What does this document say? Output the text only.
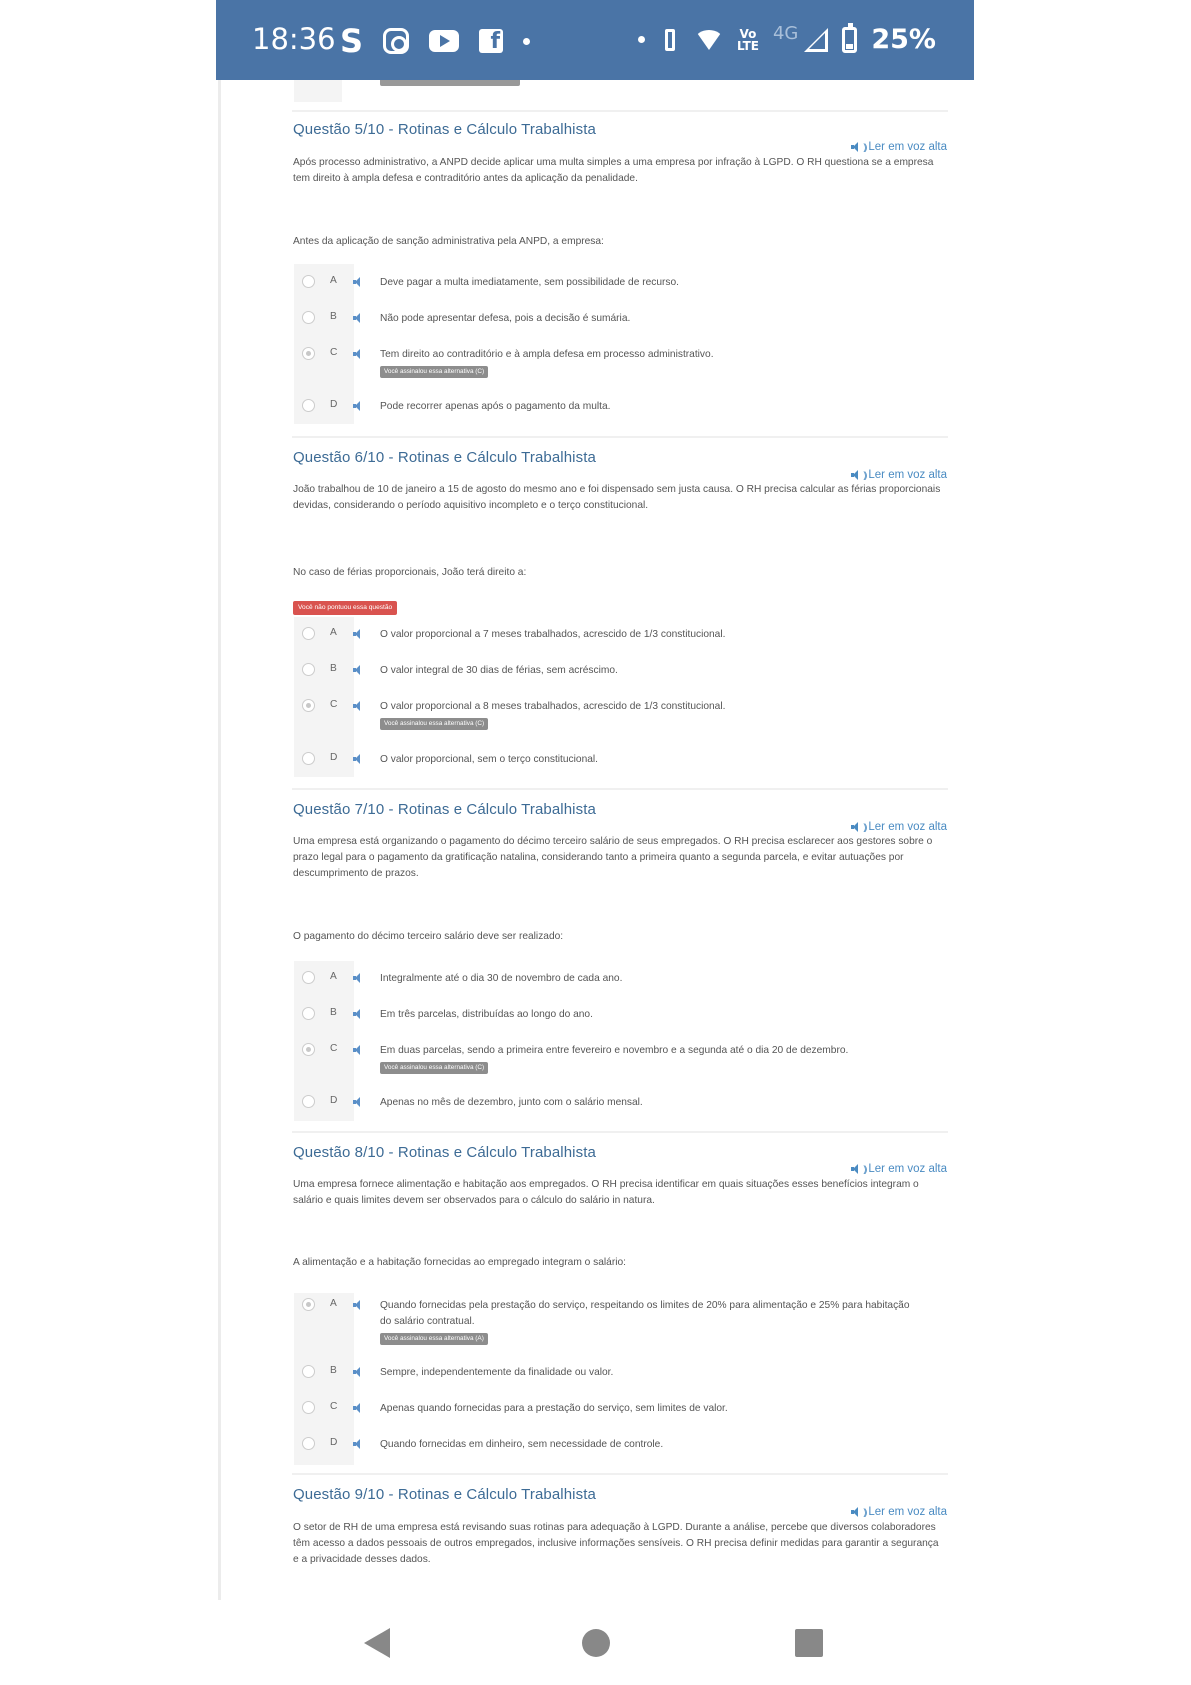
18:36 S	f	Vo LTE
4G	25%
Questão 5/10 - Rotinas e Cálculo Trabalhista
)) Ler em voz alta
Após processo administrativo, a ANPD decide aplicar uma multa simples a uma empresa por infração à LGPD. O RH questiona se a empresa tem direito à ampla defesa e contraditório antes da aplicação da penalidade.
Antes da aplicação de sanção administrativa pela ANPD, a empresa:
A	Deve pagar a multa imediatamente, sem possibilidade de recurso.
B	Não pode apresentar defesa, pois a decisão é sumária.
C	Tem direito ao contraditório e à ampla defesa em processo administrativo.
Você assinalou essa alternativa (C)
D	Pode recorrer apenas após o pagamento da multa.
Questão 6/10 - Rotinas e Cálculo Trabalhista
)) Ler em voz alta
João trabalhou de 10 de janeiro a 15 de agosto do mesmo ano e foi dispensado sem justa causa. O RH precisa calcular as férias proporcionais devidas, considerando o período aquisitivo incompleto e o terço constitucional.
No caso de férias proporcionais, João terá direito a:
Você não pontuou essa questão
A	O valor proporcional a 7 meses trabalhados, acrescido de 1/3 constitucional.
B	O valor integral de 30 dias de férias, sem acréscimo.
C	O valor proporcional a 8 meses trabalhados, acrescido de 1/3 constitucional.
Você assinalou essa alternativa (C)
D	O valor proporcional, sem o terço constitucional.
Questão 7/10 - Rotinas e Cálculo Trabalhista
)) Ler em voz alta
Uma empresa está organizando o pagamento do décimo terceiro salário de seus empregados. O RH precisa esclarecer aos gestores sobre o prazo legal para o pagamento da gratificação natalina, considerando tanto a primeira quanto a segunda parcela, e evitar autuações por descumprimento de prazos.
O pagamento do décimo terceiro salário deve ser realizado:
A	Integralmente até o dia 30 de novembro de cada ano.
B	Em três parcelas, distribuídas ao longo do ano.
C	Em duas parcelas, sendo a primeira entre fevereiro e novembro e a segunda até o dia 20 de dezembro.
Você assinalou essa alternativa (C)
D	Apenas no mês de dezembro, junto com o salário mensal.
Questão 8/10 - Rotinas e Cálculo Trabalhista
)) Ler em voz alta
Uma empresa fornece alimentação e habitação aos empregados. O RH precisa identificar em quais situações esses benefícios integram o salário e quais limites devem ser observados para o cálculo do salário in natura.
A alimentação e a habitação fornecidas ao empregado integram o salário:
A	Quando fornecidas pela prestação do serviço, respeitando os limites de 20% para alimentação e 25% para habitação do salário contratual.
Você assinalou essa alternativa (A)
B	Sempre, independentemente da finalidade ou valor.
C	Apenas quando fornecidas para a prestação do serviço, sem limites de valor.
D	Quando fornecidas em dinheiro, sem necessidade de controle.
Questão 9/10 - Rotinas e Cálculo Trabalhista
)) Ler em voz alta
O setor de RH de uma empresa está revisando suas rotinas para adequação à LGPD. Durante a análise, percebe que diversos colaboradores têm acesso a dados pessoais de outros empregados, inclusive informações sensíveis. O RH precisa definir medidas para garantir a segurança e a privacidade desses dados.
